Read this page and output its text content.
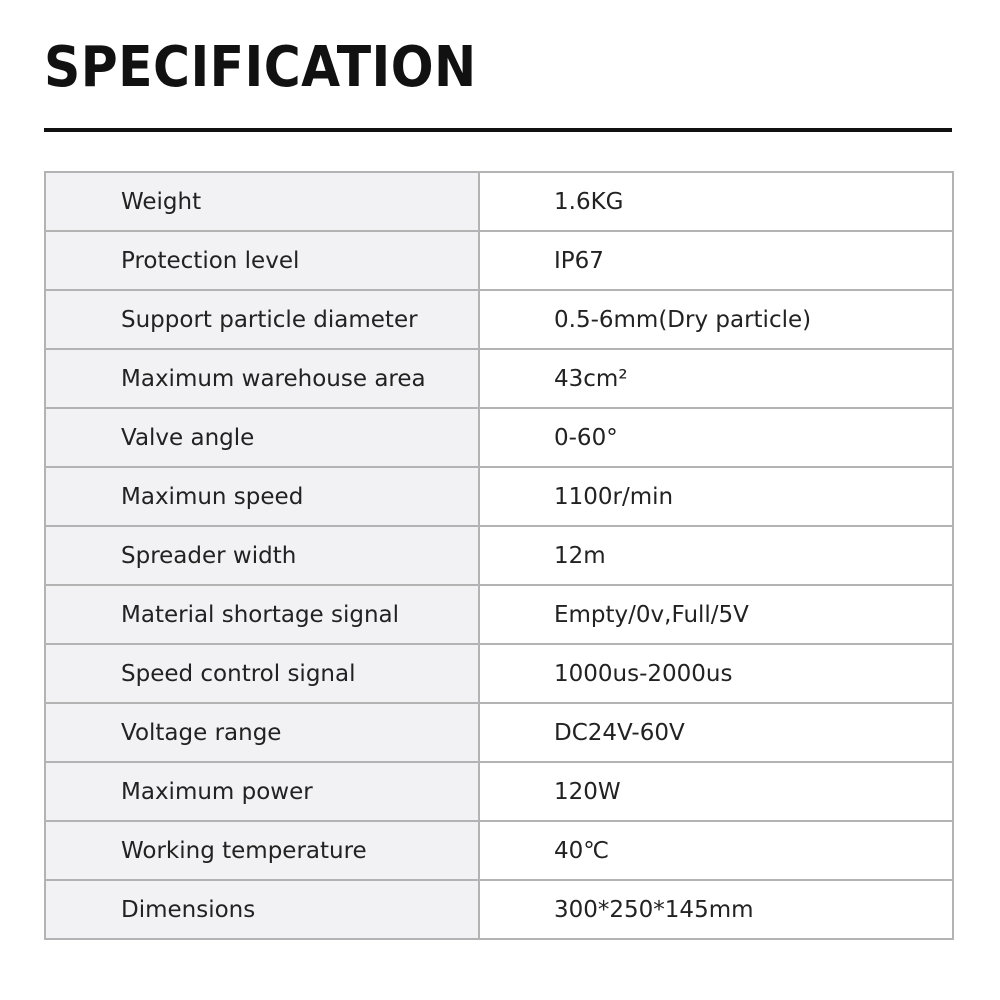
SPECIFICATION
Weight	1.6KG
Protection level	IP67
Support particle diameter	0.5-6mm(Dry particle)
Maximum warehouse area	43cm²
Valve angle	0-60°
Maximun speed	1100r/min
Spreader width	12m
Material shortage signal	Empty/0v,Full/5V
Speed control signal	1000us-2000us
Voltage range	DC24V-60V
Maximum power	120W
Working temperature	40℃
Dimensions	300*250*145mm
